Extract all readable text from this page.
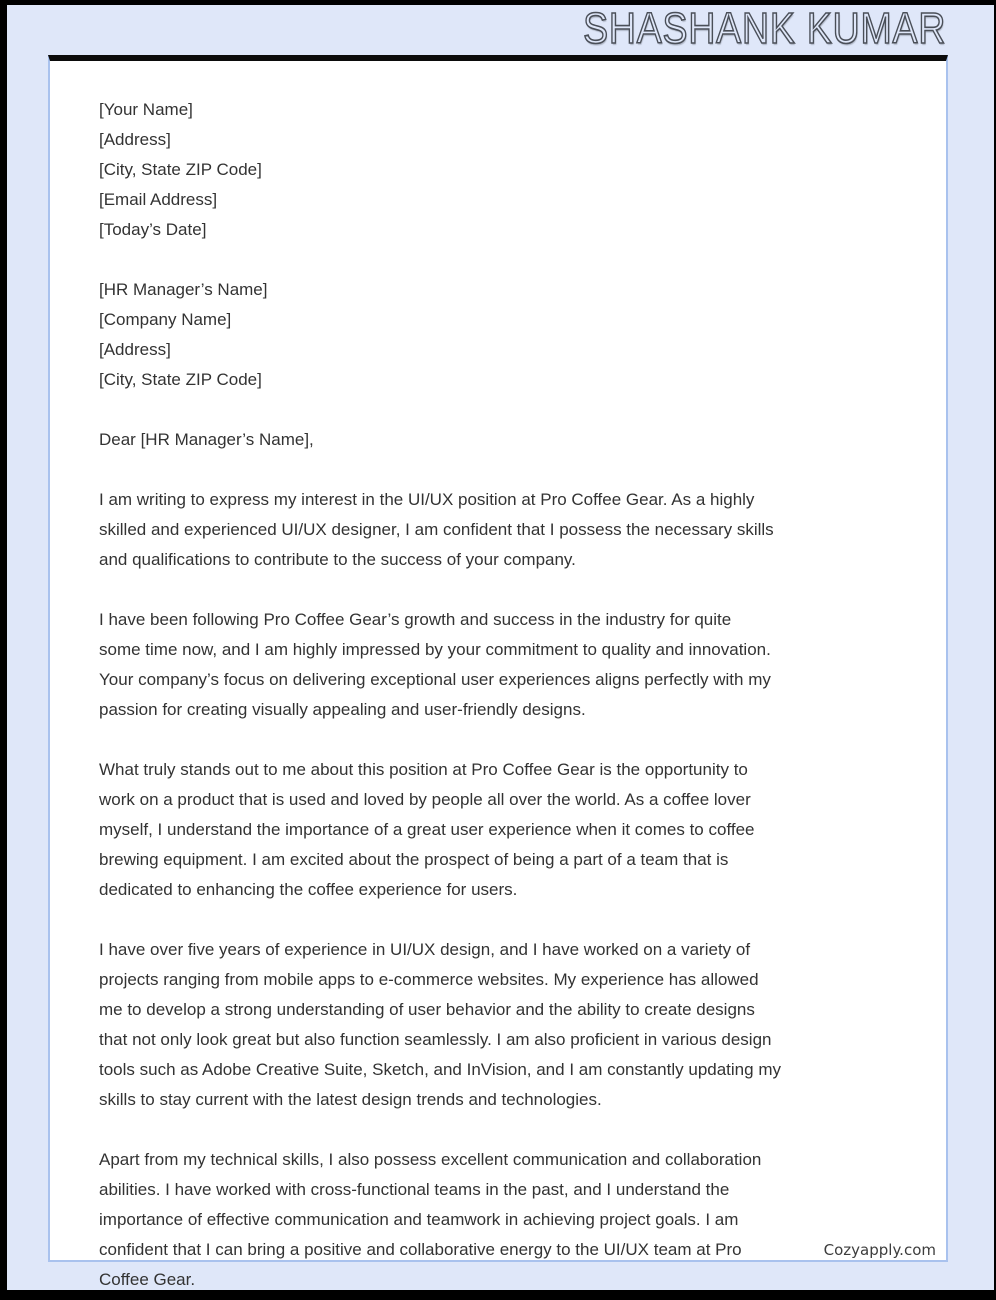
SHASHANK KUMAR
[Your Name]
[Address]
[City, State ZIP Code]
[Email Address]
[Today’s Date]
[HR Manager’s Name]
[Company Name]
[Address]
[City, State ZIP Code]
Dear [HR Manager’s Name],
I am writing to express my interest in the UI/UX position at Pro Coffee Gear. As a highly
skilled and experienced UI/UX designer, I am confident that I possess the necessary skills
and qualifications to contribute to the success of your company.
I have been following Pro Coffee Gear’s growth and success in the industry for quite
some time now, and I am highly impressed by your commitment to quality and innovation.
Your company’s focus on delivering exceptional user experiences aligns perfectly with my
passion for creating visually appealing and user-friendly designs.
What truly stands out to me about this position at Pro Coffee Gear is the opportunity to
work on a product that is used and loved by people all over the world. As a coffee lover
myself, I understand the importance of a great user experience when it comes to coffee
brewing equipment. I am excited about the prospect of being a part of a team that is
dedicated to enhancing the coffee experience for users.
I have over five years of experience in UI/UX design, and I have worked on a variety of
projects ranging from mobile apps to e-commerce websites. My experience has allowed
me to develop a strong understanding of user behavior and the ability to create designs
that not only look great but also function seamlessly. I am also proficient in various design
tools such as Adobe Creative Suite, Sketch, and InVision, and I am constantly updating my
skills to stay current with the latest design trends and technologies.
Apart from my technical skills, I also possess excellent communication and collaboration
abilities. I have worked with cross-functional teams in the past, and I understand the
importance of effective communication and teamwork in achieving project goals. I am
confident that I can bring a positive and collaborative energy to the UI/UX team at Pro
Coffee Gear.
Cozyapply.com
